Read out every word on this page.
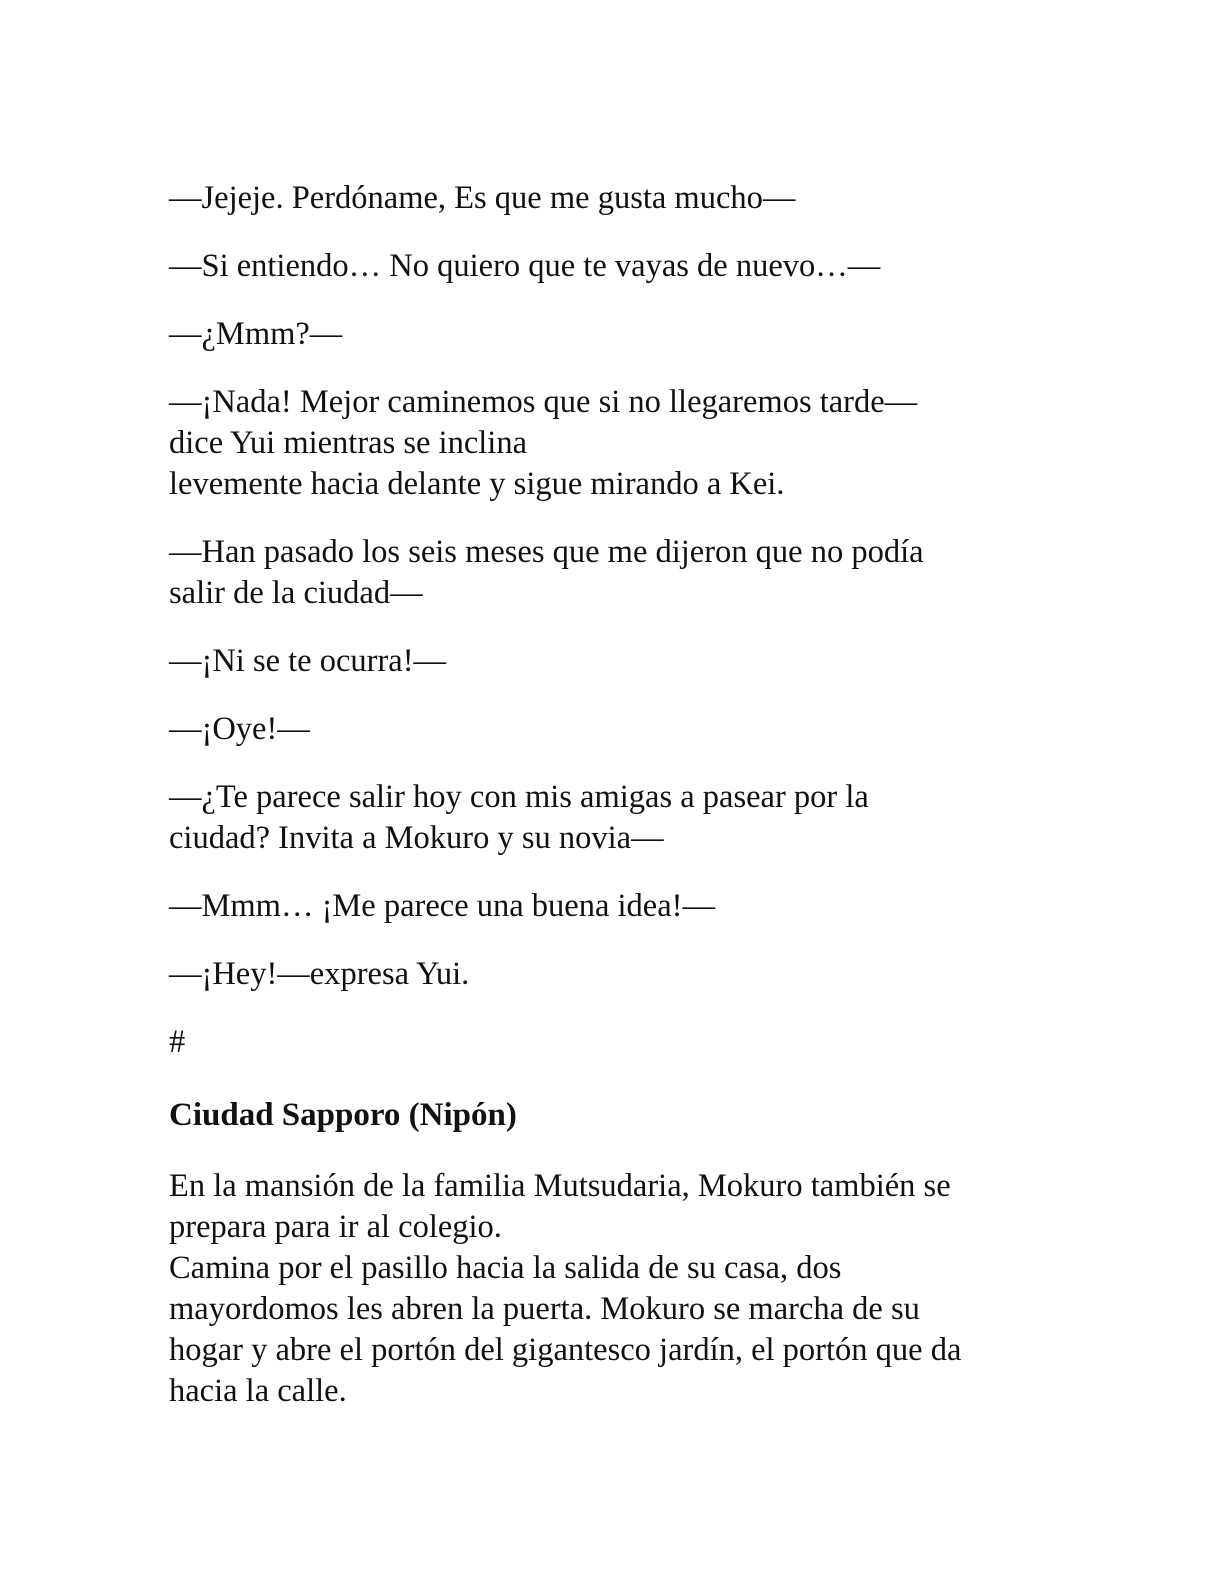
—Jejeje. Perdóname, Es que me gusta mucho—

—Si entiendo… No quiero que te vayas de nuevo…—

—¿Mmm?—

—¡Nada! Mejor caminemos que si no llegaremos tarde—
dice Yui mientras se inclina
levemente hacia delante y sigue mirando a Kei.

—Han pasado los seis meses que me dijeron que no podía
salir de la ciudad—

—¡Ni se te ocurra!—

—¡Oye!—

—¿Te parece salir hoy con mis amigas a pasear por la
ciudad? Invita a Mokuro y su novia—

—Mmm… ¡Me parece una buena idea!—

—¡Hey!—expresa Yui.

#

Ciudad Sapporo (Nipón)

En la mansión de la familia Mutsudaria, Mokuro también se
prepara para ir al colegio.
Camina por el pasillo hacia la salida de su casa, dos
mayordomos les abren la puerta. Mokuro se marcha de su
hogar y abre el portón del gigantesco jardín, el portón que da
hacia la calle.
